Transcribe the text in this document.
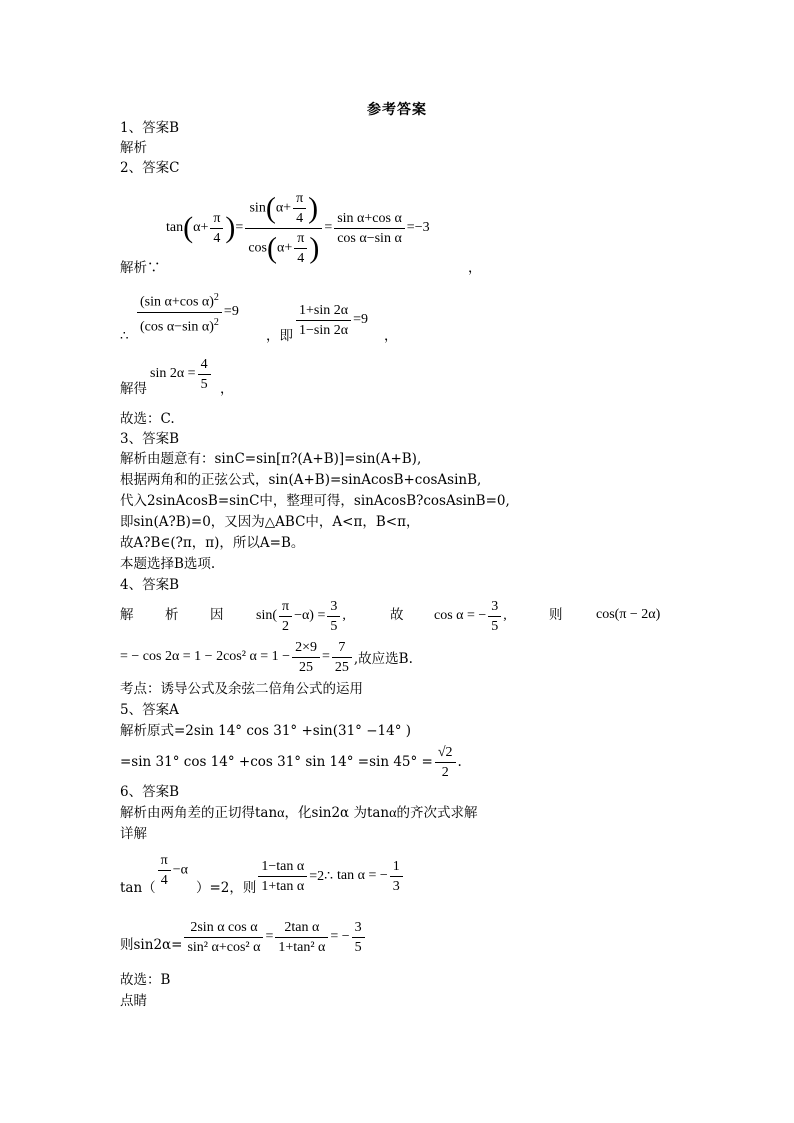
参考答案
1、答案B
解析
2、答案C
tan ( $\alpha+ \frac{\pi}{4}$ ) = $\frac{\sin(\alpha+ \frac{\pi}{4} )}{\cos(\alpha+ \frac{\pi}{4} )} = \frac{\text{sin α+cos α}}{\text{cos α−sin α}} =-3$
解析∵	，
∴ $\frac{(\sin \alpha+\cos \alpha)^2}{(\cos \alpha-\sin \alpha)^2} =9$
，即 $\frac{1+\sin 2\alpha}{1-\sin 2\alpha} =9$
，
解得
$\sin 2\alpha = \frac{4}{5}$ ，
故选：C.
3、答案B
解析由题意有：sinC=sin[π?(A+B)]=sin(A+B),
根据两角和的正弦公式，sin(A+B)=sinAcosB+cosAsinB,
代入2sinAcosB=sinC中，整理可得，sinAcosB?cosAsinB=0,
即sin(A?B)=0，又因为△ABC中，A<π，B<π，
故A?B∈(?π，π)，所以A=B。
本题选择B选项.
4、答案B
解 析 因 sin(
π
2
$-\alpha) = \frac{3}{5}$ ,	故 cos α = − $\frac{3}{5}$ ,	则 cos(π − 2α)
= − cos 2α = 1 − 2cos² $\alpha = 1 - \frac{2\times 9}{25} = \frac{7}{25}$ ,故应选B.
考点：诱导公式及余弦二倍角公式的运用
5、答案A
解析原式=2sin 14° cos 31° +sin(31° −14° )
=sin 31° cos 14° +cos 31° sin 14° =sin $45^\circ = \frac{√2}{2}$ .
6、答案B
解析由两角差的正切得tanα，化sin2α 为tanα的齐次式求解
详解
$\tan( \frac{\pi}{4} -\alpha$
）=2，则 $\frac{\text{1−tan α}}{\text{1+tan α}}$ =2∴ tan α = − $\frac{1}{3}$
则$\sin 2\alpha= \frac{\text{2sin α cos α}}{\text{sin² α+cos² α}} = \frac{\text{2tan α}}{\text{1+tan² α}}$ = − $\frac{3}{5}$
故选：B
点睛
